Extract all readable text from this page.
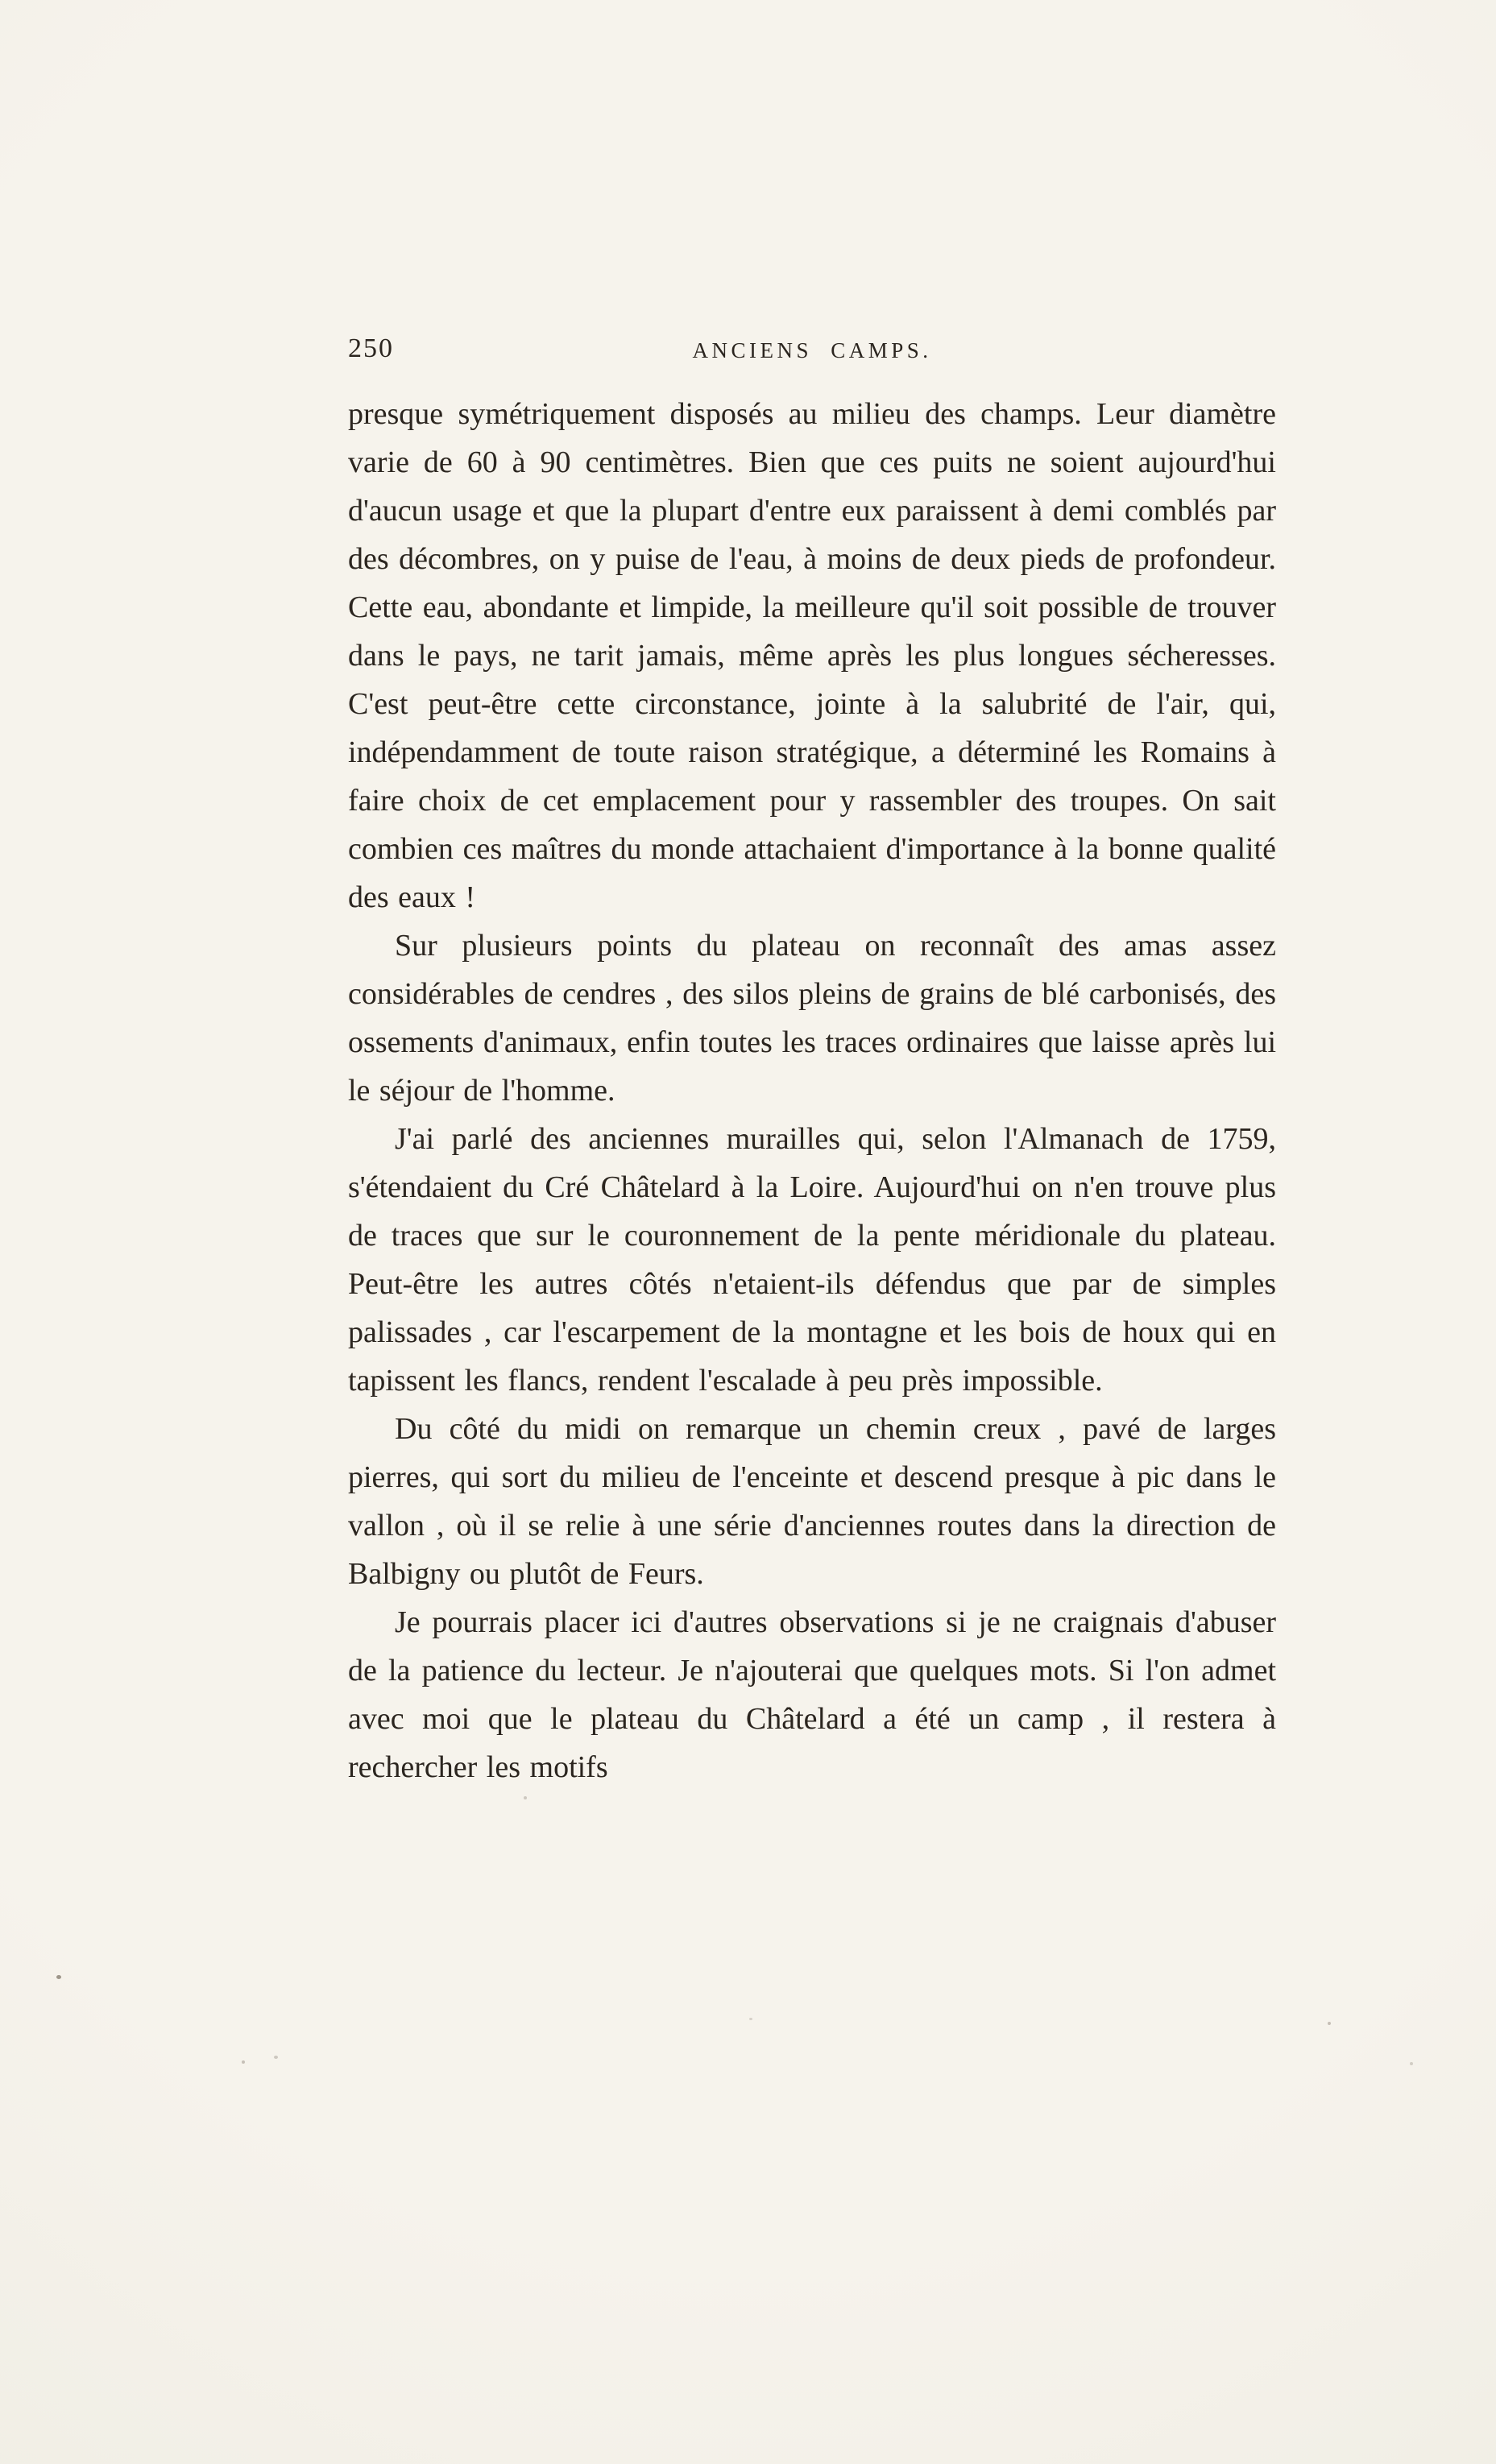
250	ANCIENS CAMPS.

presque symétriquement disposés au milieu des champs. Leur diamètre varie de 60 à 90 centimètres. Bien que ces puits ne soient aujourd'hui d'aucun usage et que la plupart d'entre eux paraissent à demi comblés par des décombres, on y puise de l'eau, à moins de deux pieds de profondeur. Cette eau, abondante et limpide, la meilleure qu'il soit possible de trouver dans le pays, ne tarit jamais, même après les plus longues sécheresses. C'est peut-être cette circonstance, jointe à la salubrité de l'air, qui, indépendamment de toute raison stratégique, a déterminé les Romains à faire choix de cet emplacement pour y rassembler des troupes. On sait combien ces maîtres du monde attachaient d'importance à la bonne qualité des eaux !

Sur plusieurs points du plateau on reconnaît des amas assez considérables de cendres , des silos pleins de grains de blé carbonisés, des ossements d'animaux, enfin toutes les traces ordinaires que laisse après lui le séjour de l'homme.

J'ai parlé des anciennes murailles qui, selon l'Almanach de 1759, s'étendaient du Cré Châtelard à la Loire. Aujourd'hui on n'en trouve plus de traces que sur le couronnement de la pente méridionale du plateau. Peut-être les autres côtés n'etaient-ils défendus que par de simples palissades , car l'escarpement de la montagne et les bois de houx qui en tapissent les flancs, rendent l'escalade à peu près impossible.

Du côté du midi on remarque un chemin creux , pavé de larges pierres, qui sort du milieu de l'enceinte et descend presque à pic dans le vallon , où il se relie à une série d'anciennes routes dans la direction de Balbigny ou plutôt de Feurs.

Je pourrais placer ici d'autres observations si je ne craignais d'abuser de la patience du lecteur. Je n'ajouterai que quelques mots. Si l'on admet avec moi que le plateau du Châtelard a été un camp , il restera à rechercher les motifs
